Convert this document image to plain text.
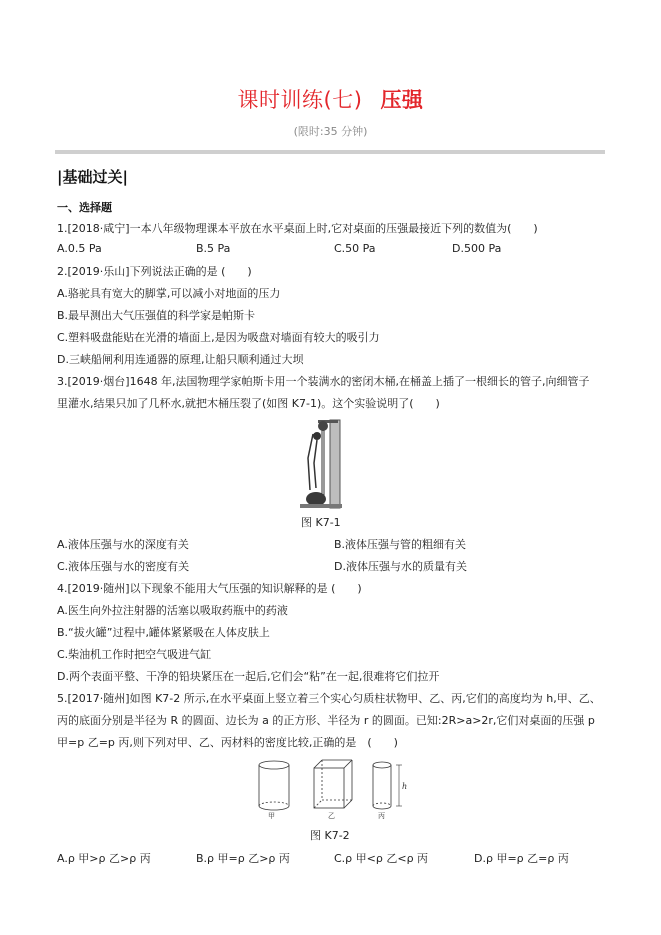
课时训练(七) 压强
(限时:35 分钟)
|基础过关|
一、选择题
1.[2018·咸宁]一本八年级物理课本平放在水平桌面上时,它对桌面的压强最接近下列的数值为(　　)
A.0.5 Pa	B.5 Pa	C.50 Pa	D.500 Pa
2.[2019·乐山]下列说法正确的是 (　　)
A.骆驼具有宽大的脚掌,可以减小对地面的压力
B.最早测出大气压强值的科学家是帕斯卡
C.塑料吸盘能贴在光滑的墙面上,是因为吸盘对墙面有较大的吸引力
D.三峡船闸利用连通器的原理,让船只顺利通过大坝
3.[2019·烟台]1648 年,法国物理学家帕斯卡用一个装满水的密闭木桶,在桶盖上插了一根细长的管子,向细管子
里灌水,结果只加了几杯水,就把木桶压裂了(如图 K7-1)。这个实验说明了(　　)
图 K7-1
A.液体压强与水的深度有关	B.液体压强与管的粗细有关
C.液体压强与水的密度有关	D.液体压强与水的质量有关
4.[2019·随州]以下现象不能用大气压强的知识解释的是 (　　)
A.医生向外拉注射器的活塞以吸取药瓶中的药液
B.“拔火罐”过程中,罐体紧紧吸在人体皮肤上
C.柴油机工作时把空气吸进气缸
D.两个表面平整、干净的铅块紧压在一起后,它们会“粘”在一起,很难将它们拉开
5.[2017·随州]如图 K7-2 所示,在水平桌面上竖立着三个实心匀质柱状物甲、乙、丙,它们的高度均为 h,甲、乙、
丙的底面分别是半径为 R 的圆面、边长为 a 的正方形、半径为 r 的圆面。已知:2R>a>2r,它们对桌面的压强 p
甲=p 乙=p 丙,则下列对甲、乙、丙材料的密度比较,正确的是　(　　)
h
甲	乙	丙
图 K7-2
A.ρ 甲>ρ 乙>ρ 丙	B.ρ 甲=ρ 乙>ρ 丙	C.ρ 甲<ρ 乙<ρ 丙	D.ρ 甲=ρ 乙=ρ 丙
